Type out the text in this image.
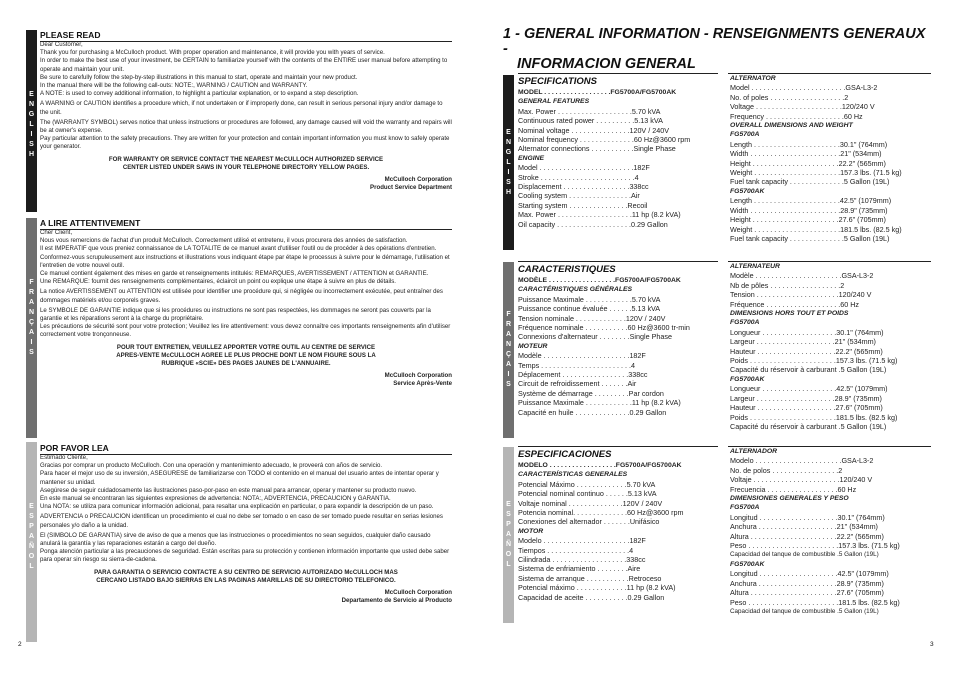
E
N
G
L
I
S
H
F
R
A
N
Ç
A
I
S
E
S
P
A
Ñ
O
L
PLEASE READ

Dear Customer,

Thank you for purchasing a McCulloch product. With proper operation and maintenance, it will provide you with years of service.

In order to make the best use of your investment, be CERTAIN to familiarize yourself with the contents of the ENTIRE user manual before attempting to operate and maintain your unit.

Be sure to carefully follow the step-by-step illustrations in this manual to start, operate and maintain your new product.

In the manual there will be the following call-outs: NOTE:, WARNING / CAUTION and WARRANTY.

A NOTE: is used to convey additional information, to highlight a particular explanation, or to expand a step description.

A WARNING or CAUTION identifies a procedure which, if not undertaken or if improperly done, can result in serious personal injury and/or damage to the unit.

The (WARRANTY SYMBOL) serves notice that unless instructions or procedures are followed, any damage caused will void the warranty and repairs will be at owner's expense.

Pay particular attention to the safety precautions. They are written for your protection and contain important information you must know to safely operate your generator.

FOR WARRANTY OR SERVICE CONTACT THE NEAREST McCULLOCH AUTHORIZED SERVICE

CENTER LISTED UNDER SAWS IN YOUR TELEPHONE DIRECTORY YELLOW PAGES.

McCulloch Corporation

Product Service Department

A LIRE ATTENTIVEMENT

Cher Client,

Nous vous remercions de l'achat d'un produit McCulloch. Correctement utilisé et entretenu, il vous procurera des années de satisfaction.

Il est IMPERATIF que vous preniez connaissance de LA TOTALITE de ce manuel avant d'utiliser l'outil ou de procéder à des opérations d'entretien.

Conformez-vous scrupuleusement aux instructions et illustrations vous indiquant étape par étape le processus à suivre pour le démarrage, l'utilisation et l'entretien de votre nouvel outil.

Ce manuel contient également des mises en garde et renseignements intitulés: REMARQUES, AVERTISSEMENT / ATTENTION et GARANTIE.

Une REMARQUE: fournit des renseignements complémentaires, éclaircit un point ou explique une étape à suivre en plus de détails.

La notice AVERTISSEMENT ou ATTENTION est utilisée pour identifier une procédure qui, si négligée ou incorrectement exécutée, peut entraîner des dommages matériels et/ou corporels graves.

Le SYMBOLE DE GARANTIE indique que si les procédures ou instructions ne sont pas respectées, les dommages ne seront pas couverts par la garantie et les réparations seront à la charge du propriétaire.

Les précautions de sécurité sont pour votre protection; Veuillez les lire attentivement: vous devez connaître ces importants renseignements afin d'utiliser correctement votre tronçonneuse.

POUR TOUT ENTRETIEN, VEUILLEZ APPORTER VOTRE OUTIL AU CENTRE DE SERVICE

APRES-VENTE McCULLOCH AGREE LE PLUS PROCHE DONT LE NOM FIGURE SOUS LA

RUBRIQUE «SCIE» DES PAGES JAUNES DE L'ANNUAIRE.

McCulloch Corporation

Service Après-Vente

POR FAVOR LEA

Estimado Cliente,

Gracias por comprar un producto McCulloch. Con una operación y mantenimiento adecuado, le proveerá con años de servicio.

Para hacer el mejor uso de su inversión, ASEGURESE de familiarizarse con TODO el contenido en el manual del usuario antes de intentar operar y mantener su unidad.

Asegúrese de seguir cuidadosamente las ilustraciones paso-por-paso en este manual para arrancar, operar y mantener su producto nuevo.

En este manual se encontraran las siguientes expresiones de advertencia: NOTA:, ADVERTENCIA, PRECAUCION y GARANTIA.

Una NOTA: se utiliza para comunicar información adicional, para resaltar una explicación en particular, o para expandir la descripción de un paso.

ADVERTENCIA o PRECAUCION identifican un procedimiento el cual no debe ser tomado o en caso de ser tomado puede resultar en serias lesiones personales y/o daño a la unidad.

El (SIMBOLO DE GARANTIA) sirve de aviso de que a menos que las instrucciones o procedimientos no sean seguidos, cualquier daño causado anulará la garantía y las reparaciones estarán a cargo del dueño.

Ponga atención particular a las precauciones de seguridad. Están escritas para su protección y contienen información importante que usted debe saber para operar sin riesgo su sierra-de-cadena.

PARA GARANTIA O SERVICIO CONTACTE A SU CENTRO DE SERVICIO AUTORIZADO McCULLOCH MAS

CERCANO LISTADO BAJO SIERRAS EN LAS PAGINAS AMARILLAS DE SU DIRECTORIO TELEFONICO.

McCulloch Corporation

Departamento de Servicio al Producto

2
1 - GENERAL INFORMATION - RENSEIGNMENTS GENERAUX -
INFORMACION GENERAL
E
N
G
L
I
S
H
F
R
A
N
Ç
A
I
S
E
S
P
A
Ñ
O
L
SPECIFICATIONS
MODEL . . . . . . . . . . . . . . . . . .FG5700A/FG5700AK
GENERAL FEATURES
Max. Power . . . . . . . . . . . . . . . . . . .5.70 kVA
Continuous rated power . . . . . . . . . .5.13 kVA
Nominal voltage . . . . . . . . . . . . . . .120V / 240V
Nominal frequency . . . . . . . . . . . . . .60 Hz@3600 rpm
Alternator connections . . . . . . . . . . .Single Phase
ENGINE
Model . . . . . . . . . . . . . . . . . . . . . . . .182F
Stroke . . . . . . . . . . . . . . . . . . . . . . . .4
Displacement . . . . . . . . . . . . . . . . .338cc
Cooling system . . . . . . . . . . . . . . . .Air
Starting system . . . . . . . . . . . . . . .Recoil
Max. Power . . . . . . . . . . . . . . . . . . .11 hp (8.2 kVA)
Oil capacity . . . . . . . . . . . . . . . . . . .0.29 Gallon
ALTERNATOR
Model . . . . . . . . . . . . . . . . . . . . . . . .GSA-L3-2
No. of poles . . . . . . . . . . . . . . . . . . .2
Voltage . . . . . . . . . . . . . . . . . . . . . .120/240 V
Frequency . . . . . . . . . . . . . . . . . . . .60 Hz
OVERALL DIMENSIONS AND WEIGHT
FG5700A
Length . . . . . . . . . . . . . . . . . . . . . .30.1" (764mm)
Width . . . . . . . . . . . . . . . . . . . . . . .21" (534mm)
Height . . . . . . . . . . . . . . . . . . . . . .22.2" (565mm)
Weight . . . . . . . . . . . . . . . . . . . . . .157.3 lbs. (71.5 kg)
Fuel tank capacity . . . . . . . . . . . . . .5 Gallon (19L)
FG5700AK
Length . . . . . . . . . . . . . . . . . . . . . .42.5" (1079mm)
Width . . . . . . . . . . . . . . . . . . . . . . .28.9" (735mm)
Height . . . . . . . . . . . . . . . . . . . . . .27.6" (705mm)
Weight . . . . . . . . . . . . . . . . . . . . . .181.5 lbs. (82.5 kg)
Fuel tank capacity . . . . . . . . . . . . . .5 Gallon (19L)
CARACTERISTIQUES
MODÈLE . . . . . . . . . . . . . . . . . .FG5700A/FG5700AK
CARACTÉRISTIQUES GÉNÉRALES
Puissance Maximale . . . . . . . . . . . .5.70 kVA
Puissance continue évaluée . . . . . .5.13 kVA
Tension nominale . . . . . . . . . . . . .120V / 240V
Fréquence nominale . . . . . . . . . . .60 Hz@3600 tr-min
Connexions d'alternateur . . . . . . . .Single Phase
MOTEUR
Modèle . . . . . . . . . . . . . . . . . . . . . .182F
Temps . . . . . . . . . . . . . . . . . . . . . . .4
Déplacement . . . . . . . . . . . . . . . . .338cc
Circuit de refroidissement . . . . . . .Air
Système de démarrage . . . . . . . . .Par cordon
Puissance Maximale . . . . . . . . . . . .11 hp (8.2 kVA)
Capacité en huile . . . . . . . . . . . . . .0.29 Gallon
ALTERNATEUR
Modèle . . . . . . . . . . . . . . . . . . . . . .GSA-L3-2
Nb de pôles . . . . . . . . . . . . . . . . . .2
Tension . . . . . . . . . . . . . . . . . . . . .120/240 V
Fréquence . . . . . . . . . . . . . . . . . . .60 Hz
DIMENSIONS HORS TOUT ET POIDS
FG5700A
Longueur . . . . . . . . . . . . . . . . . . .30.1" (764mm)
Largeur . . . . . . . . . . . . . . . . . . . .21" (534mm)
Hauteur . . . . . . . . . . . . . . . . . . . .22.2" (565mm)
Poids . . . . . . . . . . . . . . . . . . . . . .157.3 lbs. (71.5 kg)
Capacité du réservoir à carburant .5 Gallon (19L)
FG5700AK
Longueur . . . . . . . . . . . . . . . . . . .42.5" (1079mm)
Largeur . . . . . . . . . . . . . . . . . . . .28.9" (735mm)
Hauteur . . . . . . . . . . . . . . . . . . . .27.6" (705mm)
Poids . . . . . . . . . . . . . . . . . . . . . .181.5 lbs. (82.5 kg)
Capacité du réservoir à carburant .5 Gallon (19L)
ESPECIFICACIONES
MODELO . . . . . . . . . . . . . . . . . .FG5700A/FG5700AK
CARACTERÍSTICAS GENERALES
Potencial Máximo . . . . . . . . . . . . .5.70 kVA
Potencial nominal continuo . . . . . .5.13 kVA
Voltaje nominal . . . . . . . . . . . . . .120V / 240V
Potencia nominal. . . . . . . . . . . . . .60 Hz@3600 rpm
Conexiones del alternador . . . . . . .Unifásico
MOTOR
Modelo . . . . . . . . . . . . . . . . . . . . . .182F
Tiempos . . . . . . . . . . . . . . . . . . . . .4
Cilindrada . . . . . . . . . . . . . . . . . . .338cc
Sistema de enfriamiento . . . . . . . .Aire
Sistema de arranque . . . . . . . . . . .Retroceso
Potencial máximo . . . . . . . . . . . . .11 hp (8.2 kVA)
Capacidad de aceite . . . . . . . . . . .0.29 Gallon
ALTERNADOR
Modelo . . . . . . . . . . . . . . . . . . . . . .GSA-L3-2
No. de polos . . . . . . . . . . . . . . . . .2
Voltaje . . . . . . . . . . . . . . . . . . . . . .120/240 V
Frecuencia . . . . . . . . . . . . . . . . . .60 Hz
DIMENSIONES GENERALES Y PESO
FG5700A
Longitud . . . . . . . . . . . . . . . . . . . .30.1" (764mm)
Anchura . . . . . . . . . . . . . . . . . . . .21" (534mm)
Altura . . . . . . . . . . . . . . . . . . . . . .22.2" (565mm)
Peso . . . . . . . . . . . . . . . . . . . . . . .157.3 lbs. (71.5 kg)
Capacidad del tanque de combustible .5 Gallon (19L)
FG5700AK
Longitud . . . . . . . . . . . . . . . . . . . .42.5" (1079mm)
Anchura . . . . . . . . . . . . . . . . . . . .28.9" (735mm)
Altura . . . . . . . . . . . . . . . . . . . . . .27.6" (705mm)
Peso . . . . . . . . . . . . . . . . . . . . . . .181.5 lbs. (82.5 kg)
Capacidad del tanque de combustible .5 Gallon (19L)
3
